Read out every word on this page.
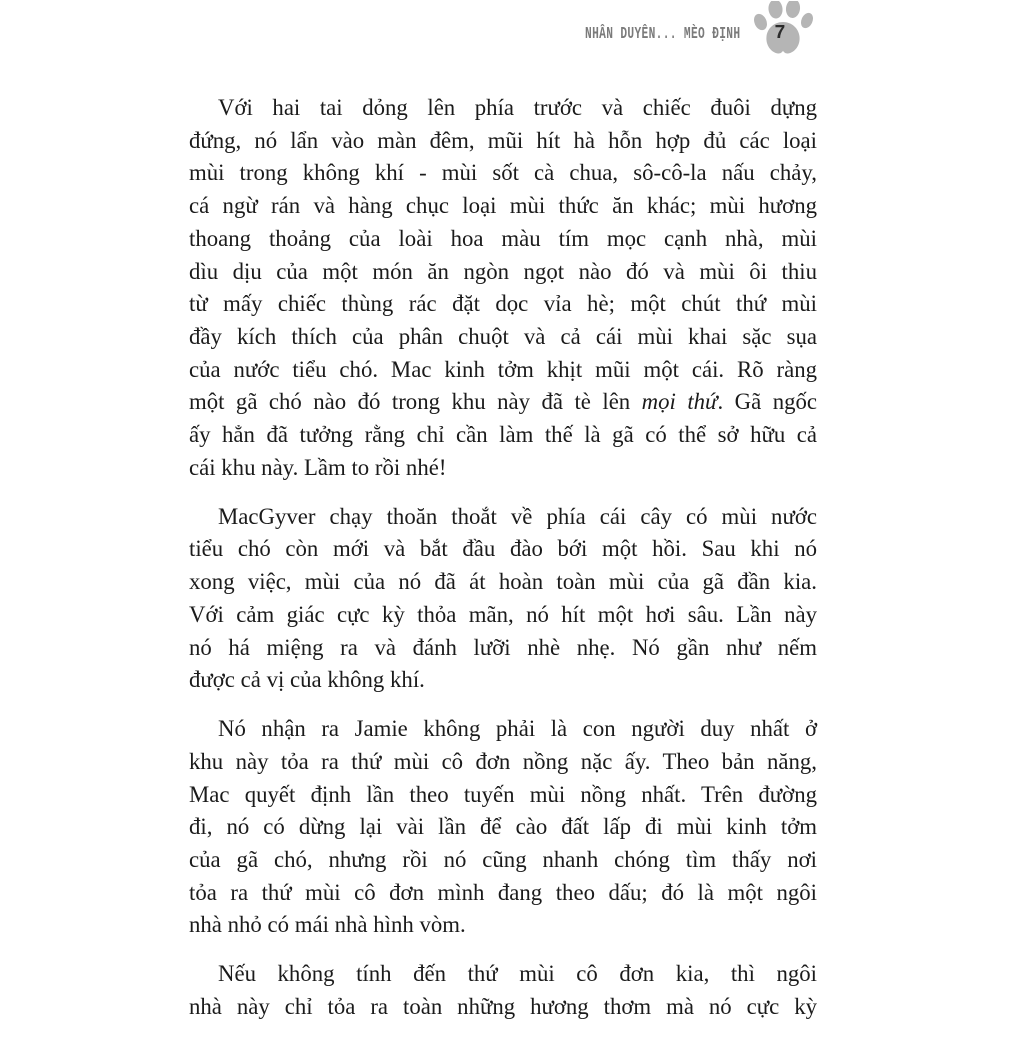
NHÂN DUYÊN... MÈO ĐỊNH	7
Với hai tai dỏng lên phía trước và chiếc đuôi dựng
đứng, nó lẩn vào màn đêm, mũi hít hà hỗn hợp đủ các loại
mùi trong không khí - mùi sốt cà chua, sô-cô-la nấu chảy,
cá ngừ rán và hàng chục loại mùi thức ăn khác; mùi hương
thoang thoảng của loài hoa màu tím mọc cạnh nhà, mùi
dìu dịu của một món ăn ngòn ngọt nào đó và mùi ôi thiu
từ mấy chiếc thùng rác đặt dọc vỉa hè; một chút thứ mùi
đầy kích thích của phân chuột và cả cái mùi khai sặc sụa
của nước tiểu chó. Mac kinh tởm khịt mũi một cái. Rõ ràng
một gã chó nào đó trong khu này đã tè lên mọi thứ. Gã ngốc
ấy hẳn đã tưởng rằng chỉ cần làm thế là gã có thể sở hữu cả
cái khu này. Lầm to rồi nhé!
MacGyver chạy thoăn thoắt về phía cái cây có mùi nước
tiểu chó còn mới và bắt đầu đào bới một hồi. Sau khi nó
xong việc, mùi của nó đã át hoàn toàn mùi của gã đần kia.
Với cảm giác cực kỳ thỏa mãn, nó hít một hơi sâu. Lần này
nó há miệng ra và đánh lưỡi nhè nhẹ. Nó gần như nếm
được cả vị của không khí.
Nó nhận ra Jamie không phải là con người duy nhất ở
khu này tỏa ra thứ mùi cô đơn nồng nặc ấy. Theo bản năng,
Mac quyết định lần theo tuyến mùi nồng nhất. Trên đường
đi, nó có dừng lại vài lần để cào đất lấp đi mùi kinh tởm
của gã chó, nhưng rồi nó cũng nhanh chóng tìm thấy nơi
tỏa ra thứ mùi cô đơn mình đang theo dấu; đó là một ngôi
nhà nhỏ có mái nhà hình vòm.
Nếu không tính đến thứ mùi cô đơn kia, thì ngôi
nhà này chỉ tỏa ra toàn những hương thơm mà nó cực kỳ
